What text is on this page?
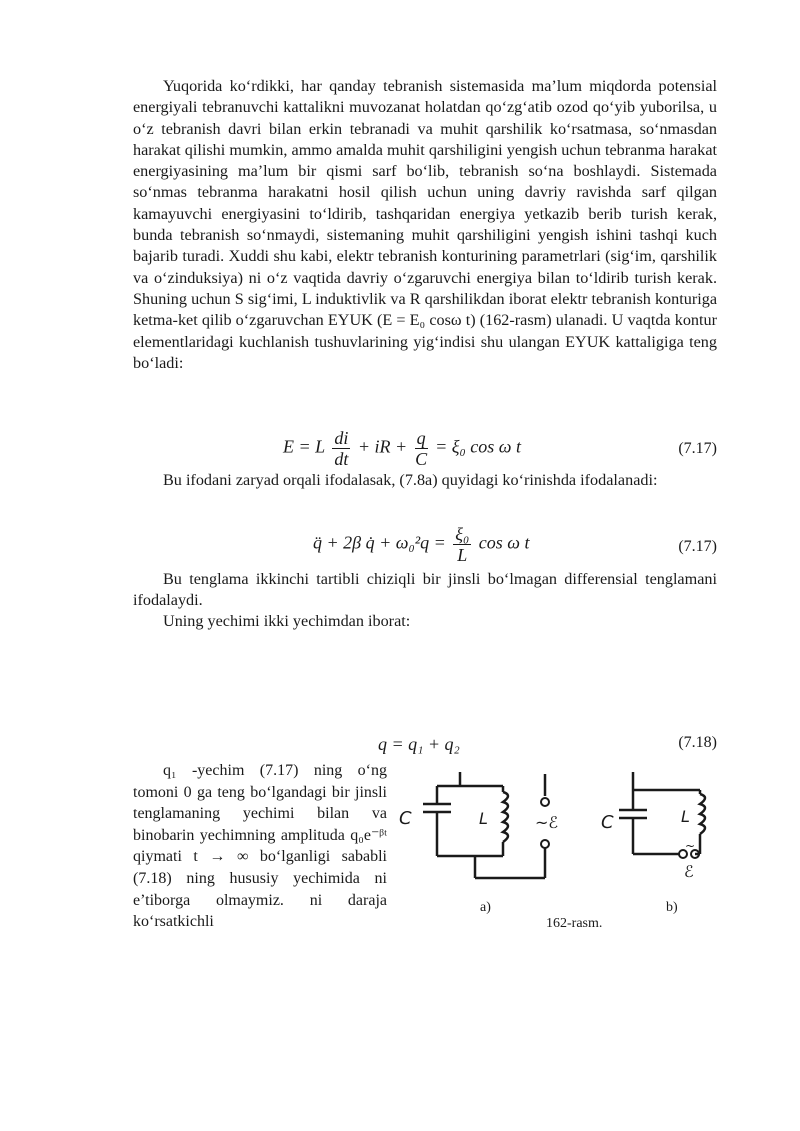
Yuqorida ko‘rdikki, har qanday tebranish sistemasida ma’lum miqdorda potensial energiyali tebranuvchi kattalikni muvozanat holatdan qo‘zg‘atib ozod qo‘yib yuborilsa, u o‘z tebranish davri bilan erkin tebranadi va muhit qarshilik ko‘rsatmasa, so‘nmasdan harakat qilishi mumkin, ammo amalda muhit qarshiligini yengish uchun tebranma harakat energiyasining ma’lum bir qismi sarf bo‘lib, tebranish so‘na boshlaydi. Sistemada so‘nmas tebranma harakatni hosil qilish uchun uning davriy ravishda sarf qilgan kamayuvchi energiyasini to‘ldirib, tashqaridan energiya yetkazib berib turish kerak, bunda tebranish so‘nmaydi, sistemaning muhit qarshiligini yengish ishini tashqi kuch bajarib turadi. Xuddi shu kabi, elektr tebranish konturining parametrlari (sig‘im, qarshilik va o‘zinduksiya) ni o‘z vaqtida davriy o‘zgaruvchi energiya bilan to‘ldirib turish kerak. Shuning uchun S sig‘imi, L induktivlik va R qarshilikdan iborat elektr tebranish konturiga ketma-ket qilib o‘zgaruvchan EYUK (E = E₀ cosω t) (162-rasm) ulanadi. U vaqtda kontur elementlaridagi kuchlanish tushuvlarining yig‘indisi shu ulangan EYUK kattaligiga teng bo‘ladi:

E = L $\frac{di}{dt}$ + iR + $\frac{q}{C} = \xi_0$ cos ω t	(7.17)

Bu ifodani zaryad orqali ifodalasak, (7.8a) quyidagi ko‘rinishda ifodalanadi:

q̈ + 2β q̇ + $\omega_0^2q = \frac{\text{ξ₀}}{L}$ cos ω t	(7.17)

Bu tenglama ikkinchi tartibli chiziqli bir jinsli bo‘lmagan differensial tenglamani ifodalaydi.

Uning yechimi ikki yechimdan iborat:

q = q₁ + q₂	(7.18)

q₁ -yechim (7.17) ning o‘ng tomoni 0 ga teng bo‘lgandagi bir jinsli tenglamaning yechimi bilan va binobarin yechimning amplituda q₀e⁻ᵝᵗ qiymati t → ∞ bo‘lganligi sababli (7.18) ning hususiy yechimida ni e’tiborga olmaymiz. ni daraja ko‘rsatkichli

C	L	~ℰ C	L
~
ℰ
a)	b)
162-rasm.
